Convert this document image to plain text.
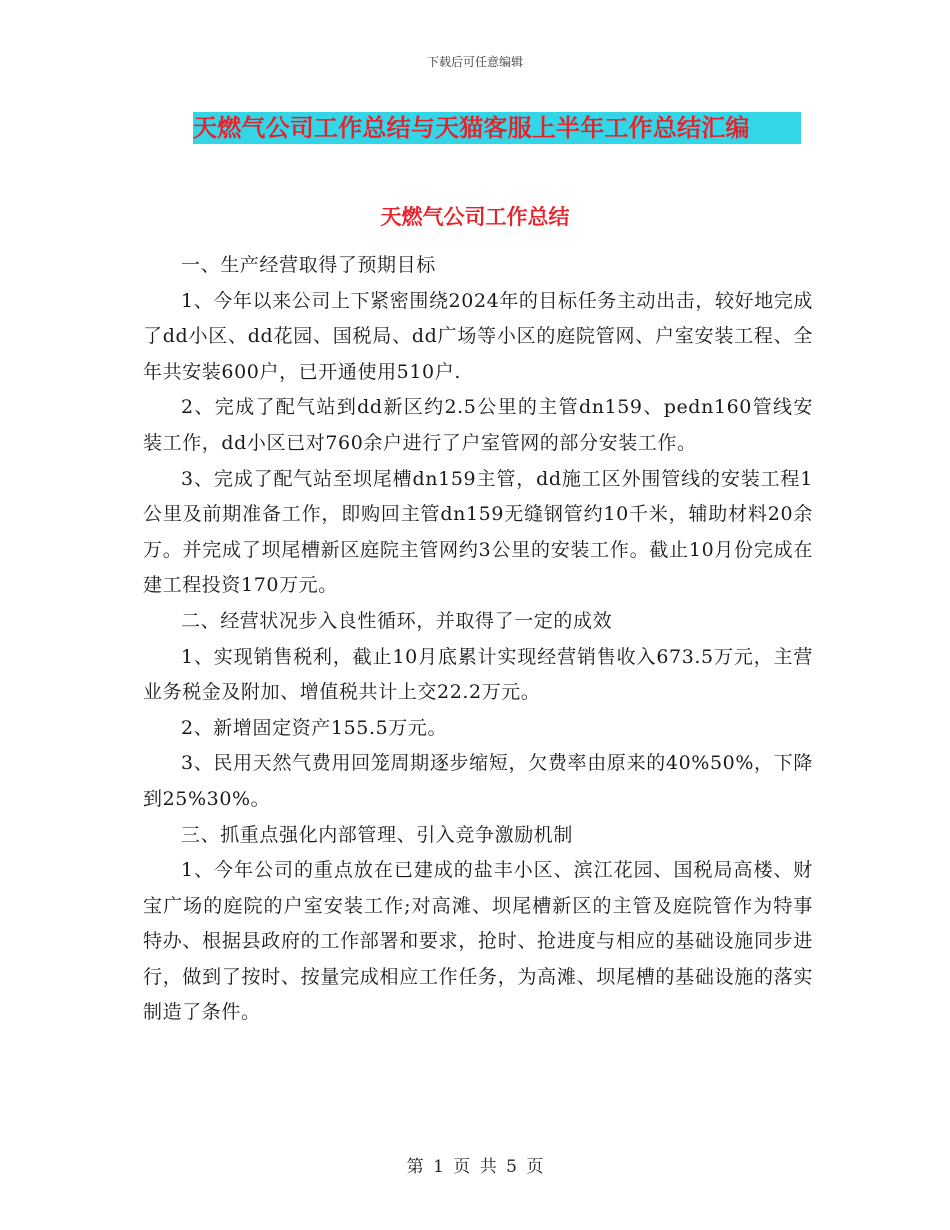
下载后可任意编辑
天燃气公司工作总结与天猫客服上半年工作总结汇编
天燃气公司工作总结

一、生产经营取得了预期目标

1、今年以来公司上下紧密围绕2024年的目标任务主动出击，较好地完成了dd小区、dd花园、国税局、dd广场等小区的庭院管网、户室安装工程、全年共安装600户，已开通使用510户.

2、完成了配气站到dd新区约2.5公里的主管dn159、pedn160管线安装工作，dd小区已对760余户进行了户室管网的部分安装工作。

3、完成了配气站至坝尾槽dn159主管，dd施工区外围管线的安装工程1公里及前期准备工作，即购回主管dn159无缝钢管约10千米，辅助材料20余万。并完成了坝尾槽新区庭院主管网约3公里的安装工作。截止10月份完成在建工程投资170万元。

二、经营状况步入良性循环，并取得了一定的成效

1、实现销售税利，截止10月底累计实现经营销售收入673.5万元，主营业务税金及附加、增值税共计上交22.2万元。

2、新增固定资产155.5万元。

3、民用天然气费用回笼周期逐步缩短，欠费率由原来的40%50%，下降到25%30%。

三、抓重点强化内部管理、引入竞争激励机制

1、今年公司的重点放在已建成的盐丰小区、滨江花园、国税局高楼、财宝广场的庭院的户室安装工作;对高滩、坝尾槽新区的主管及庭院管作为特事特办、根据县政府的工作部署和要求，抢时、抢进度与相应的基础设施同步进行，做到了按时、按量完成相应工作任务，为高滩、坝尾槽的基础设施的落实制造了条件。

第 1 页 共 5 页
